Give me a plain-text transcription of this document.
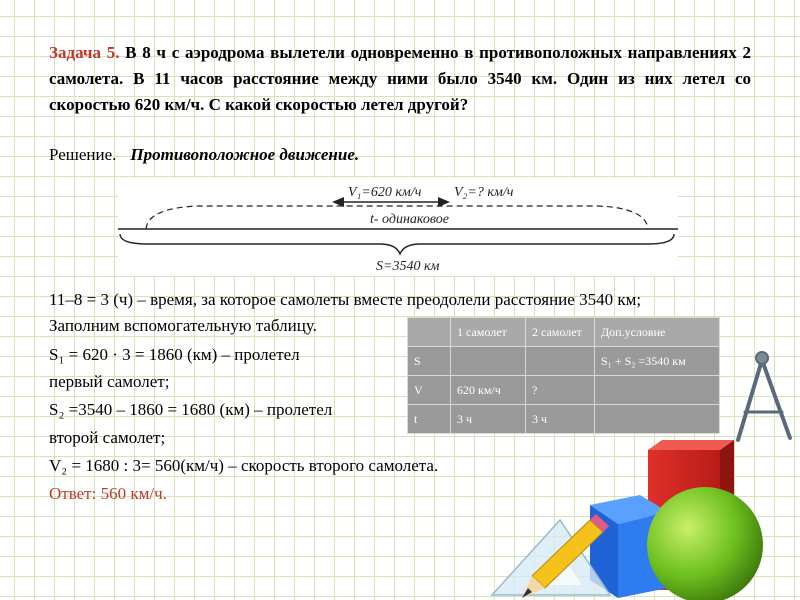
Задача 5. В 8 ч с аэродрома вылетели одновременно в противоположных направлениях 2 самолета. В 11 часов расстояние между ними было 3540 км. Один из них летел со скоростью 620 км/ч. С какой скоростью летел другой?
Решение. Противоположное движение.
V₁=620 км/ч V₂=? км/ч
t- одинаковое
S=3540 км
11–8 = 3 (ч) – время, за которое самолеты вместе преодолели расстояние 3540 км;
Заполним вспомогательную таблицу.
S₁ = 620 · 3 = 1860 (км) – пролетел
первый самолет;
S₂ =3540 – 1860 = 1680 (км) – пролетел
второй самолет;
V₂ = 1680 : 3= 560(км/ч) – скорость второго самолета.
Ответ: 560 км/ч.
	1 самолет	2 самолет	Доп.условие
S			S₁ + S₂ =3540 км
V	620 км/ч	?	
t	3 ч	3 ч	
